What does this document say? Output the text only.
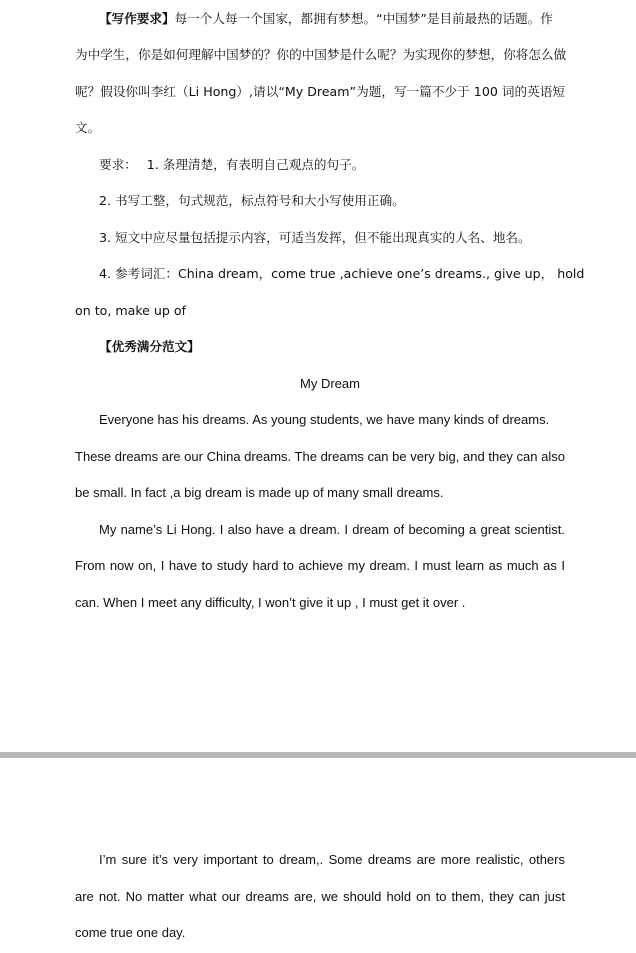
【写作要求】每一个人每一个国家，都拥有梦想。“中国梦”是目前最热的话题。作
为中学生，你是如何理解中国梦的？你的中国梦是什么呢？为实现你的梦想，你将怎么做
呢？假设你叫李红（Li Hong）,请以“My Dream”为题，写一篇不少于 100 词的英语短
文。
要求： 1. 条理清楚，有表明自己观点的句子。
2. 书写工整，句式规范，标点符号和大小写使用正确。
3. 短文中应尽量包括提示内容，可适当发挥，但不能出现真实的人名、地名。
4. 参考词汇：China dream，come true ,achieve one’s dreams., give up， hold
on to, make up of
【优秀满分范文】
My Dream
Everyone has his dreams. As young students, we have many kinds of dreams.
These dreams are our China dreams. The dreams can be very big, and they can also
be small. In fact ,a big dream is made up of many small dreams.
My name’s Li Hong. I also have a dream. I dream of becoming a great scientist.
From now on, I have to study hard to achieve my dream. I must learn as much as I
can. When I meet any difficulty, I won’t give it up , I must get it over .
I’m sure it’s very important to dream,. Some dreams are more realistic, others
are not. No matter what our dreams are, we should hold on to them, they can just
come true one day.
